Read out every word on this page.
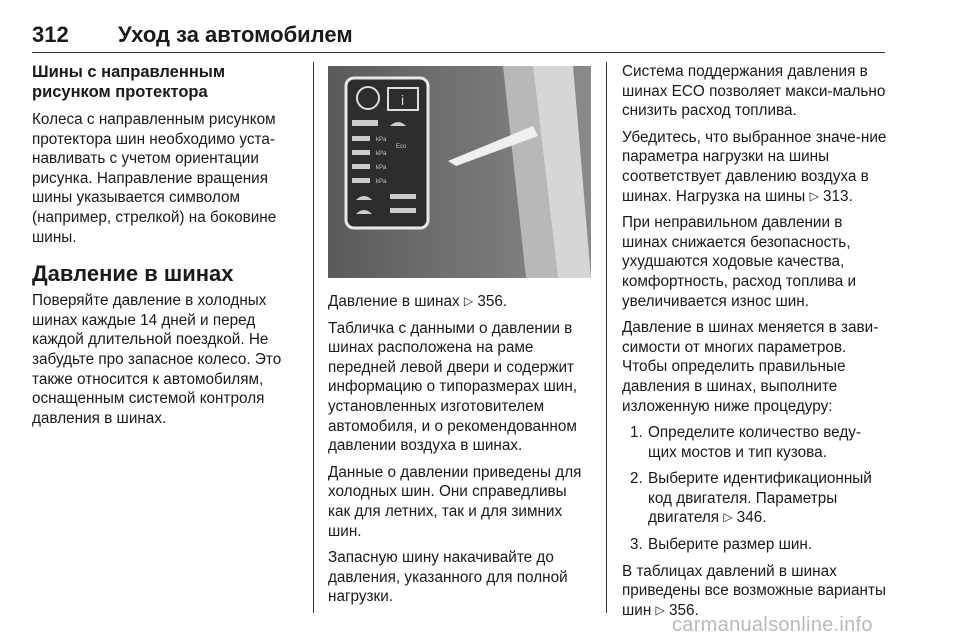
312 Уход за автомобилем
Шины с направленным рисунком протектора

Колеса с направленным рисунком протектора шин необходимо уста-навливать с учетом ориентации рисунка. Направление вращения шины указывается символом (например, стрелкой) на боковине шины.

Давление в шинах

Поверяйте давление в холодных шинах каждые 14 дней и перед каждой длительной поездкой. Не забудьте про запасное колесо. Это также относится к автомобилям, оснащенным системой контроля давления в шинах.

i
kPa
kPa
Eco
kPa
kPa

Давление в шинах ▷ 356.

Табличка с данными о давлении в шинах расположена на раме передней левой двери и содержит информацию о типоразмерах шин, установленных изготовителем автомобиля, и о рекомендованном давлении воздуха в шинах.

Данные о давлении приведены для холодных шин. Они справедливы как для летних, так и для зимних шин.

Запасную шину накачивайте до давления, указанного для полной нагрузки.

Система поддержания давления в шинах ECO позволяет макси-мально снизить расход топлива.

Убедитесь, что выбранное значе-ние параметра нагрузки на шины соответствует давлению воздуха в шинах. Нагрузка на шины ▷ 313.

При неправильном давлении в шинах снижается безопасность, ухудшаются ходовые качества, комфортность, расход топлива и увеличивается износ шин.

Давление в шинах меняется в зави-симости от многих параметров. Чтобы определить правильные давления в шинах, выполните изложенную ниже процедуру:

1. Определите количество веду-щих мостов и тип кузова.
2. Выберите идентификационный код двигателя. Параметры двигателя ▷ 346.
3. Выберите размер шин.

В таблицах давлений в шинах приведены все возможные варианты шин ▷ 356.

carmanualsonline.info
